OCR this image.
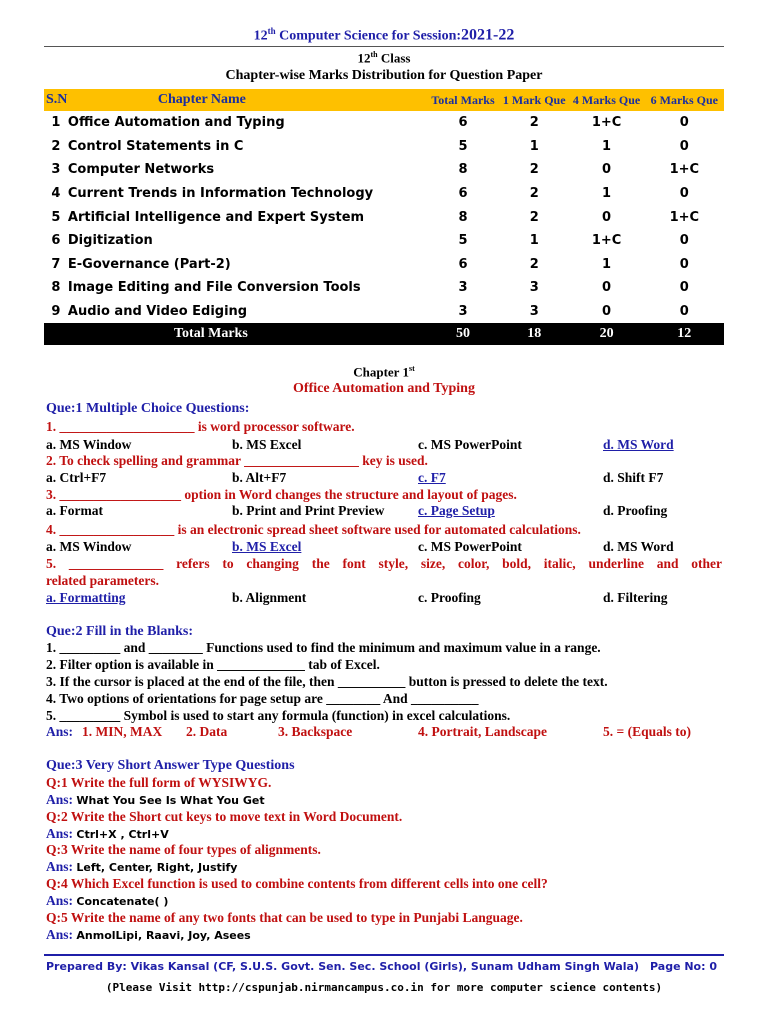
12th Computer Science for Session:2021-22
12th Class
Chapter-wise Marks Distribution for Question Paper
S.N	Chapter Name	Total Marks	1 Mark Que	4 Marks Que	6 Marks Que
1	Office Automation and Typing	6	2	1+C	0
2	Control Statements in C	5	1	1	0
3	Computer Networks	8	2	0	1+C
4	Current Trends in Information Technology	6	2	1	0
5	Artificial Intelligence and Expert System	8	2	0	1+C
6	Digitization	5	1	1+C	0
7	E-Governance (Part-2)	6	2	1	0
8	Image Editing and File Conversion Tools	3	3	0	0
9	Audio and Video Ediging	3	3	0	0
Total Marks		50	18	20	12
Chapter 1st
Office Automation and Typing
Que:1 Multiple Choice Questions:
1. ____________________ is word processor software.
a. MS Window	b. MS Excel	c. MS PowerPoint	d. MS Word
2. To check spelling and grammar _________________ key is used.
a. Ctrl+F7	b. Alt+F7	c. F7	d. Shift F7
3. __________________ option in Word changes the structure and layout of pages.
a. Format	b. Print and Print Preview c. Page Setup	d. Proofing
4. _________________ is an electronic spread sheet software used for automated calculations.
a. MS Window	b. MS Excel	c. MS PowerPoint	d. MS Word
5. ______________ refers to changing the font style, size, color, bold, italic, underline and other
related parameters.
a. Formatting	b. Alignment	c. Proofing	d. Filtering
Que:2 Fill in the Blanks:
1. _________ and ________ Functions used to find the minimum and maximum value in a range.
2. Filter option is available in _____________ tab of Excel.
3. If the cursor is placed at the end of the file, then __________ button is pressed to delete the text.
4. Two options of orientations for page setup are ________ And __________
5. _________ Symbol is used to start any formula (function) in excel calculations.
Ans: 1. MIN, MAX 2. Data	3. Backspace	4. Portrait, Landscape	5. = (Equals to)
Que:3 Very Short Answer Type Questions
Q:1 Write the full form of WYSIWYG.
Ans: What You See Is What You Get
Q:2 Write the Short cut keys to move text in Word Document.
Ans: Ctrl+X , Ctrl+V
Q:3 Write the name of four types of alignments.
Ans: Left, Center, Right, Justify
Q:4 Which Excel function is used to combine contents from different cells into one cell?
Ans: Concatenate( )
Q:5 Write the name of any two fonts that can be used to type in Punjabi Language.
Ans: AnmolLipi, Raavi, Joy, Asees
Prepared By: Vikas Kansal (CF, S.U.S. Govt. Sen. Sec. School (Girls), Sunam Udham Singh Wala) Page No: 0
(Please Visit http://cspunjab.nirmancampus.co.in for more computer science contents)
